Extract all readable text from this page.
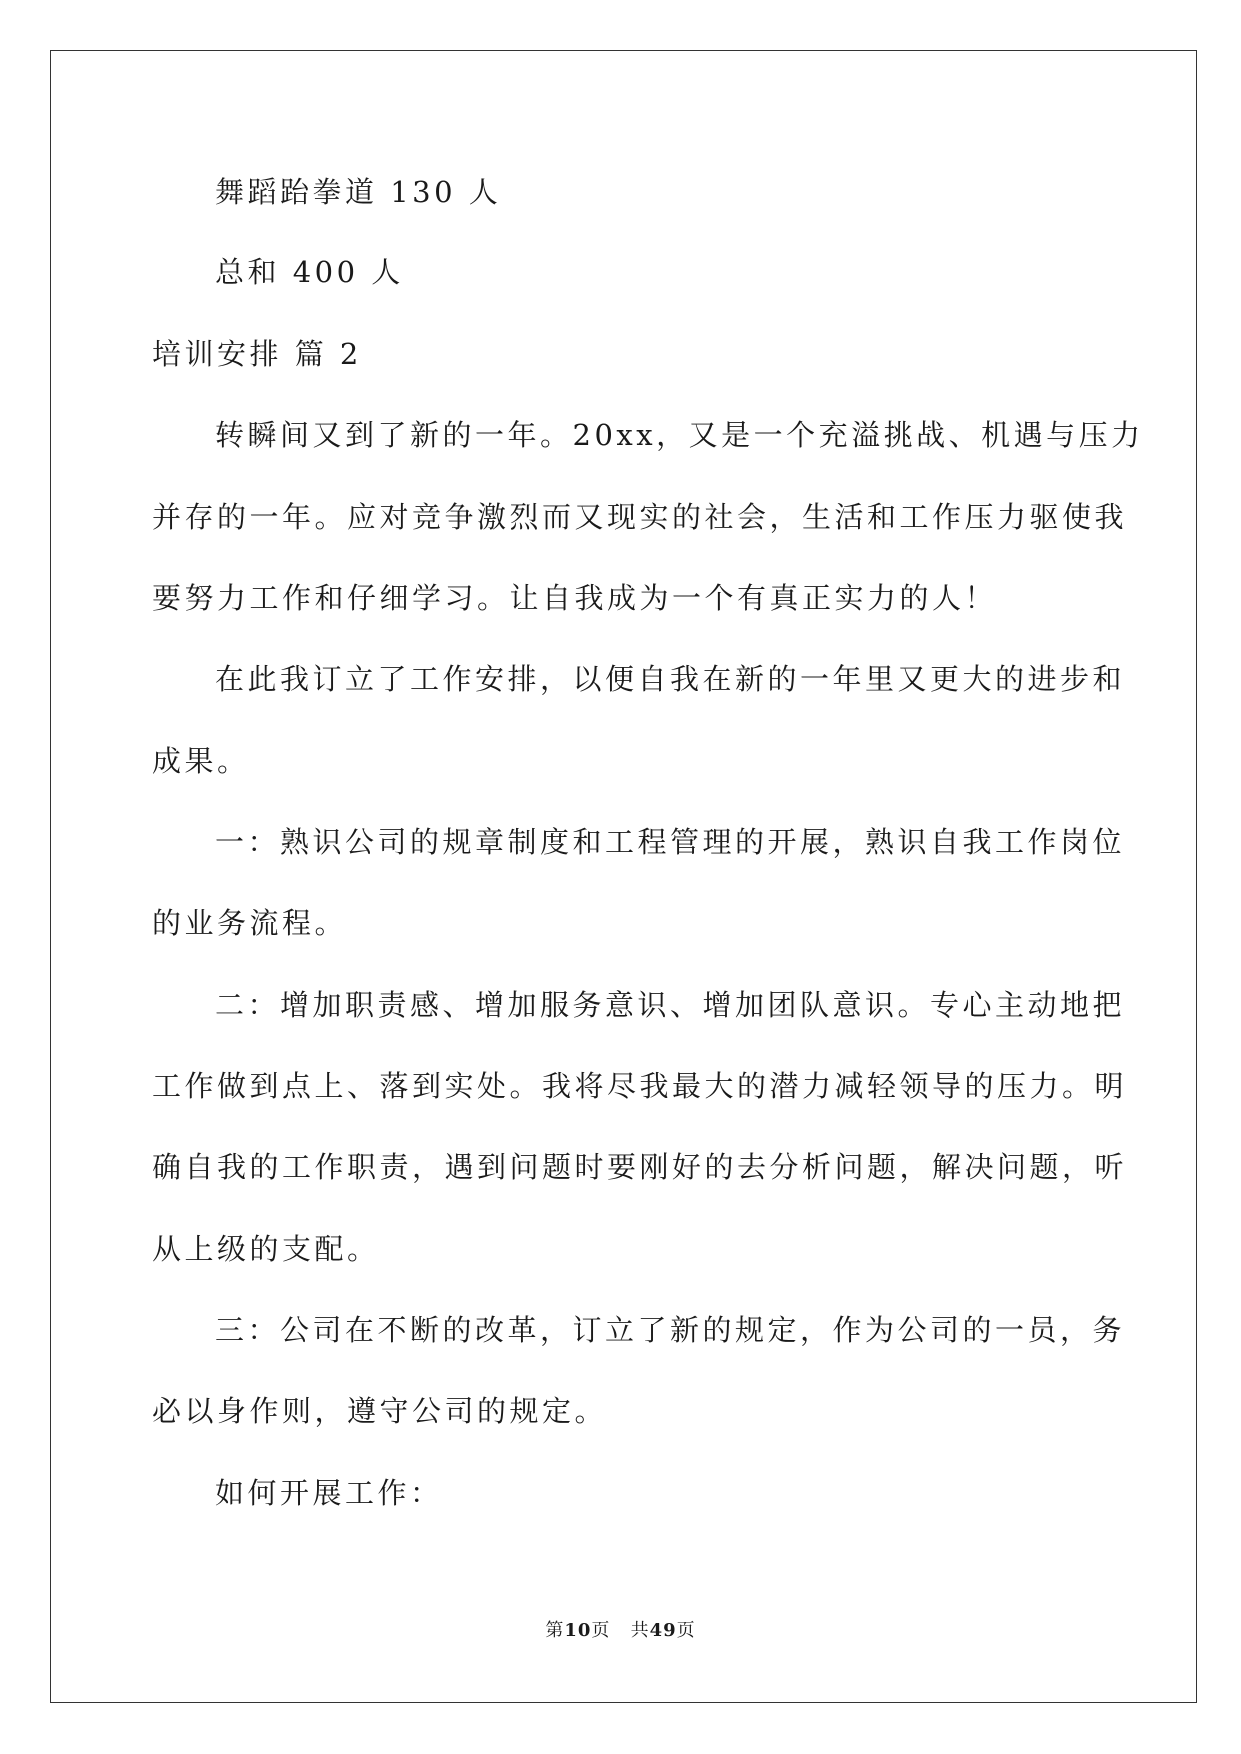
舞蹈跆拳道 130 人
总和 400 人
培训安排 篇 2
转瞬间又到了新的一年。20xx，又是一个充溢挑战、机遇与压力
并存的一年。应对竞争激烈而又现实的社会，生活和工作压力驱使我
要努力工作和仔细学习。让自我成为一个有真正实力的人！
在此我订立了工作安排，以便自我在新的一年里又更大的进步和
成果。
一：熟识公司的规章制度和工程管理的开展，熟识自我工作岗位
的业务流程。
二：增加职责感、增加服务意识、增加团队意识。专心主动地把
工作做到点上、落到实处。我将尽我最大的潜力减轻领导的压力。明
确自我的工作职责，遇到问题时要刚好的去分析问题，解决问题，听
从上级的支配。
三：公司在不断的改革，订立了新的规定，作为公司的一员，务
必以身作则，遵守公司的规定。
如何开展工作：
第10页 共49页
